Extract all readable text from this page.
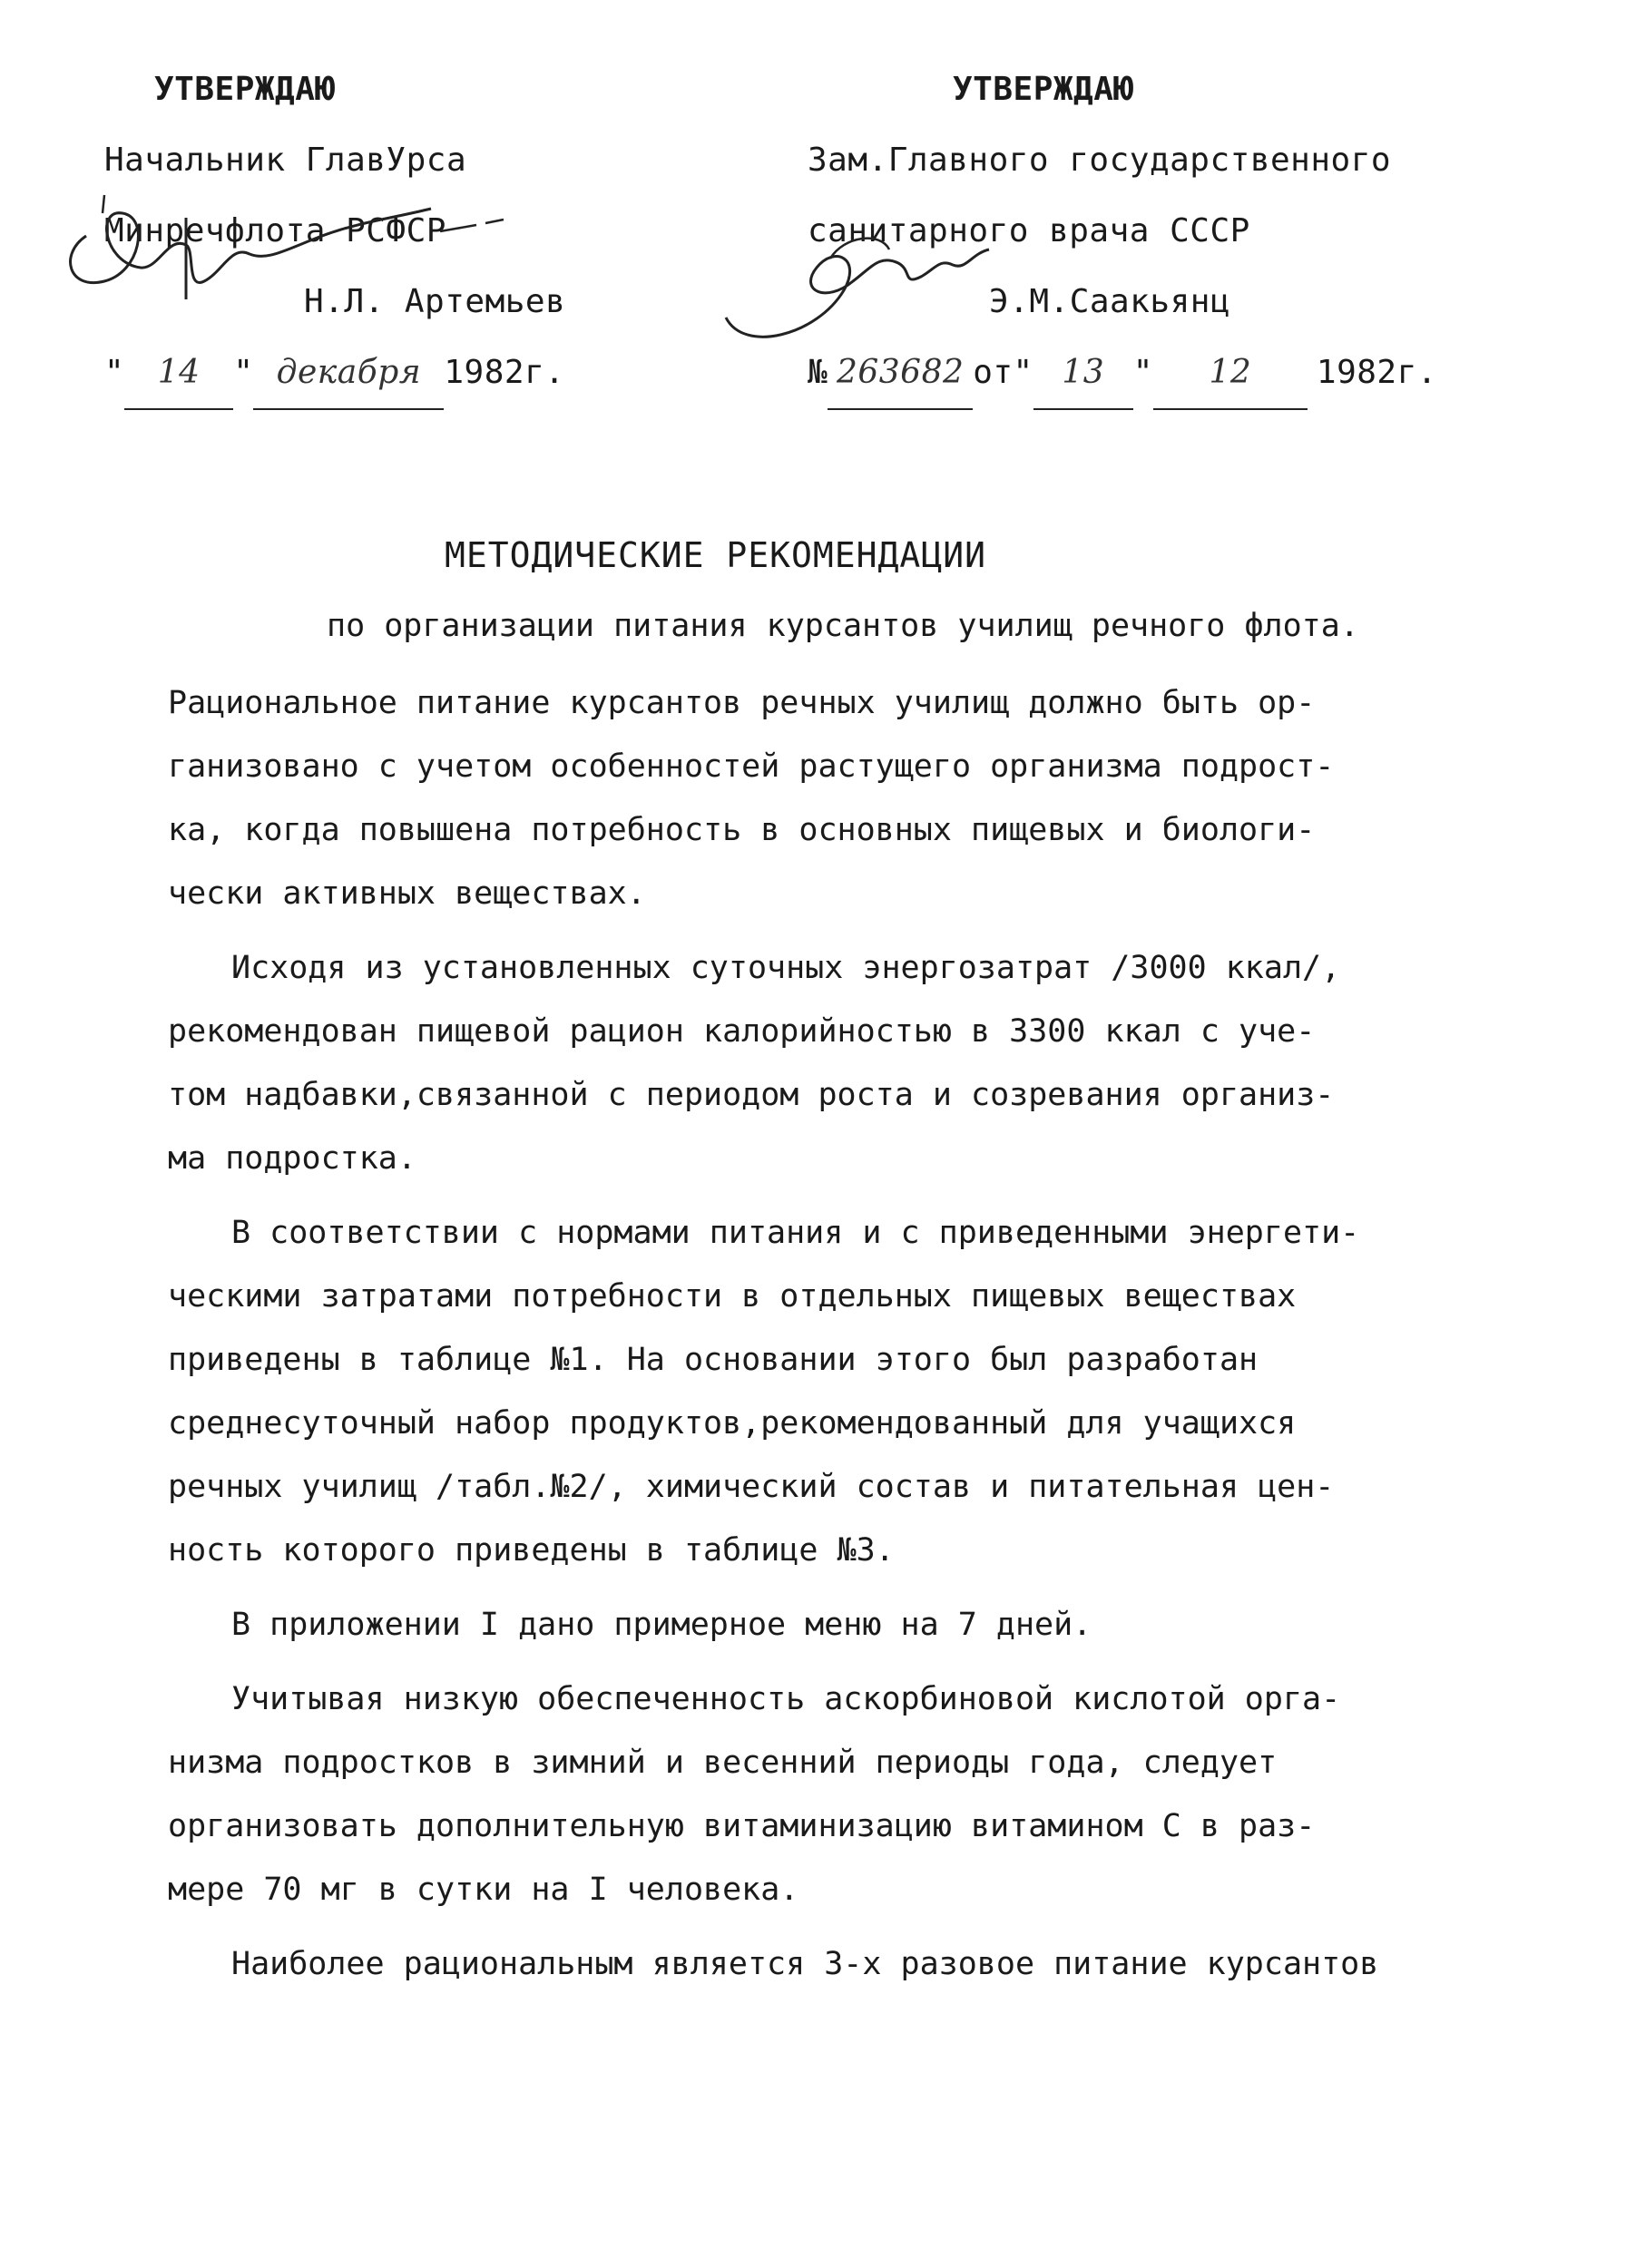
УТВЕРЖДАЮ
Начальник ГлавУрса
Минречфлота РСФСР
Н.Л. Артемьев
" 14 " декабря 1982г.
УТВЕРЖДАЮ
Зам.Главного государственного
санитарного врача СССР
Э.М.Саакьянц
№ 263682 от" 13 " 12 1982г.
МЕТОДИЧЕСКИЕ РЕКОМЕНДАЦИИ
по организации питания курсантов училищ речного флота.
Рациональное питание курсантов речных училищ должно быть ор-
ганизовано с учетом особенностей растущего организма подрост-
ка, когда повышена потребность в основных пищевых и биологи-
чески активных веществах.
Исходя из установленных суточных энергозатрат /3000 ккал/,
рекомендован пищевой рацион калорийностью в 3300 ккал с уче-
том надбавки,связанной с периодом роста и созревания организ-
ма подростка.
В соответствии с нормами питания и с приведенными энергети-
ческими затратами потребности в отдельных пищевых веществах
приведены в таблице №1. На основании этого был разработан
среднесуточный набор продуктов,рекомендованный для учащихся
речных училищ /табл.№2/, химический состав и питательная цен-
ность которого приведены в таблице №3.
В приложении I дано примерное меню на 7 дней.
Учитывая низкую обеспеченность аскорбиновой кислотой орга-
низма подростков в зимний и весенний периоды года, следует
организовать дополнительную витаминизацию витамином С в раз-
мере 70 мг в сутки на I человека.
Наиболее рациональным является 3-х разовое питание курсантов
